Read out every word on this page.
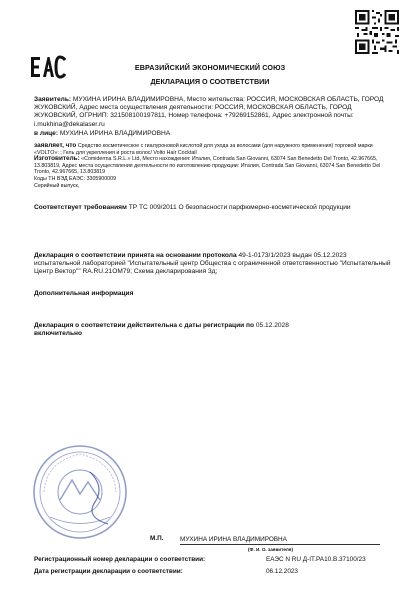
ЕВРАЗИЙСКИЙ ЭКОНОМИЧЕСКИЙ СОЮЗ
ДЕКЛАРАЦИЯ О СООТВЕТСТВИИ
Заявитель: МУХИНА ИРИНА ВЛАДИМИРОВНА, Место жительства: РОССИЯ, МОСКОВСКАЯ ОБЛАСТЬ, ГОРОД ЖУКОВСКИЙ, Адрес места осуществления деятельности: РОССИЯ, МОСКОВСКАЯ ОБЛАСТЬ, ГОРОД ЖУКОВСКИЙ, ОГРНИП: 321508100197811, Номер телефона: +79269152861, Адрес электронной почты: i.mukhina@dekalaser.ru
в лице: МУХИНА ИРИНА ВЛАДИМИРОВНА
заявляет, что Средство косметическое с гиалуроновой кислотой для ухода за волосами (для наружного применения) торговой марки «VOLTO»: ; Гель для укрепления и роста волос/ Volto Hair Cocktail
Изготовитель: «Comiderma S.R.L.» Ltd, Место нахождения: Италия, Contrada San Giovanni, 63074 San Benedetto Del Tronto, 42.967665, 13.803819, Адрес места осуществления деятельности по изготовлению продукции: Италия, Contrada San Giovanni, 63074 San Benedetto Del Tronto, 42.967665, 13.803819
Коды ТН ВЭД ЕАЭС: 3305900009
Серийный выпуск,
Соответствует требованиям ТР ТС 009/2011 О безопасности парфюмерно-косметической продукции
Декларация о соответствии принята на основании протокола 49-1-0173/1/2023 выдан 05.12.2023 испытательной лабораторией "Испытательный центр Общества с ограниченной ответственностью "Испытательный Центр Вектор"" RA.RU.21ОМ79; Схема декларирования 3д;
Дополнительная информация
Декларация о соответствии действительна с даты регистрации по 05.12.2028
включительно
М.П.	МУХИНА ИРИНА ВЛАДИМИРОВНА
(Ф. И. О. заявителя)
Регистрационный номер декларации о соответствии:	ЕАЭС N RU Д-IT.РА10.В.37100/23
Дата регистрации декларации о соответствии:	06.12.2023
